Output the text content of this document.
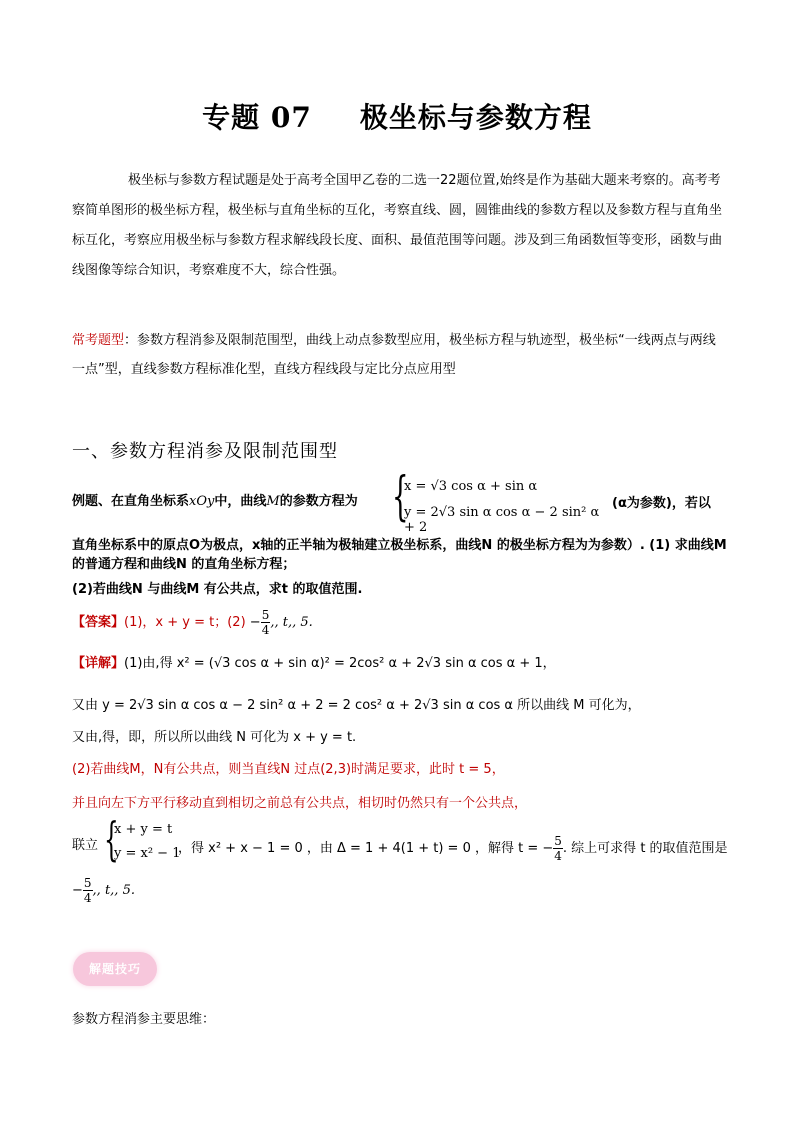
专题 07 极坐标与参数方程
极坐标与参数方程试题是处于高考全国甲乙卷的二选一22题位置,始终是作为基础大题来考察的。高考考察简单图形的极坐标方程，极坐标与直角坐标的互化，考察直线、圆，圆锥曲线的参数方程以及参数方程与直角坐标互化，考察应用极坐标与参数方程求解线段长度、面积、最值范围等问题。涉及到三角函数恒等变形，函数与曲线图像等综合知识，考察难度不大，综合性强。
常考题型：参数方程消参及限制范围型，曲线上动点参数型应用，极坐标方程与轨迹型，极坐标“一线两点与两线一点”型，直线参数方程标准化型，直线方程线段与定比分点应用型
一、参数方程消参及限制范围型
例题、在直角坐标系xOy中，曲线M的参数方程为 {
x = √3 cos α + sin α
y = 2√3 sin α cos α − 2 sin² α + 2
(α为参数)，若以
直角坐标系中的原点O为极点，x轴的正半轴为极轴建立极坐标系，曲线N 的极坐标方程为为参数）. (1) 求曲线M 的普通方程和曲线N 的直角坐标方程；
(2)若曲线N 与曲线M 有公共点，求t 的取值范围.
【答案】(1)，x + y = t；$(2) - \frac{5}{4}$ ,, t,, 5.
【详解】(1)由,得 x² = (√3 cos α + sin α)² = 2cos² α + 2√3 sin α cos α + 1，
又由 y = 2√3 sin α cos α − 2 sin² α + 2 = 2 cos² α + 2√3 sin α cos α 所以曲线 M 可化为，
又由,得，即，所以所以曲线 N 可化为 x + y = t.
(2)若曲线M，N有公共点，则当直线N 过点(2,3)时满足要求，此时 t = 5，
并且向左下方平行移动直到相切之前总有公共点，相切时仍然只有一个公共点，
联立 {
x + y = t
y = x² − 1
，得 x² + x − 1 = 0 ，由 Δ = 1 + 4(1 + t) = 0 ，解得 t = − $\frac{5}{4}$ . 综上可求得 t 的取值范围是
− $\frac{5}{4}$ ,, t,, 5.
解题技巧
参数方程消参主要思维：
